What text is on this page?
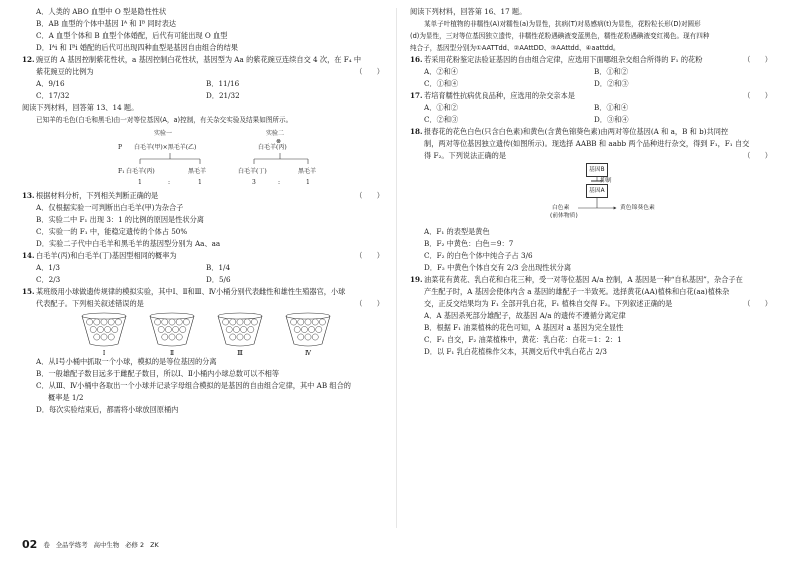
A．人类的 ABO 血型中 O 型是隐性性状
B．AB 血型的个体中基因 Iᴬ 和 Iᴮ 同时表达
C．A 血型个体和 B 血型个体婚配，后代有可能出现 O 血型
D．Iᴬi 和 Iᴮi 婚配的后代可出现四种血型是基因自由组合的结果
12. 豌豆的 A 基因控制紫花性状，a 基因控制白花性状，基因型为 Aa 的紫花豌豆连续自交 4 次，在 F₄ 中
紫花豌豆的比例为	（　　）
A．9/16	B．11/16
C．17/32	D．21/32
阅读下列材料，回答第 13、14 题。
已知羊的毛色(白毛和黑毛)由一对等位基因(A，a)控制，有关杂交实验及结果如图所示。
实验一	实验二
P 白毛羊(甲)×黑毛羊(乙)	白毛羊(丙)
⊗
F₁ 白毛羊(丙)	黑毛羊	白毛羊(丁)	黑毛羊
1	:	1	3	:	1
13. 根据材料分析，下列相关判断正确的是	（　　）
A．仅根据实验一可判断出白毛羊(甲)为杂合子
B．实验二中 F₁ 出现 3：1 的比例的原因是性状分离
C．实验一的 F₁ 中，能稳定遗传的个体占 50%
D．实验二子代中白毛羊和黑毛羊的基因型分别为 Aa、aa
14. 白毛羊(丙)和白毛羊(丁)基因型相同的概率为	（　　）
A．1/3	B．1/4
C．2/3	D．5/6
15. 某班级用小球做遗传规律的模拟实验，其中Ⅰ、Ⅱ和Ⅲ、Ⅳ小桶分别代表雌性和雄性生殖器官，小球
代表配子。下列相关叙述错误的是	（　　）
Ⅰ	Ⅱ	Ⅲ	Ⅳ
A．从Ⅰ号小桶中抓取一个小球，模拟的是等位基因的分离
B．一般雄配子数目远多于雌配子数目，所以Ⅰ、Ⅱ小桶内小球总数可以不相等
C．从Ⅲ、Ⅳ小桶中各取出一个小球并记录字母组合模拟的是基因的自由组合定律，其中 AB 组合的
概率是 1/2
D．每次实验结束后，都需将小球放回原桶内
阅读下列材料，回答第 16、17 题。
某单子叶植物的非糯性(A)对糯性(a)为显性，抗病(T)对易感病(t)为显性，花粉粒长形(D)对圆形
(d)为显性，三对等位基因独立遗传，非糯性花粉遇碘液变蓝黑色，糯性花粉遇碘液变红褐色。现有四种
纯合子，基因型分别为①AATTdd、②AAttDD、③AAttdd、④aattdd。
16. 若采用花粉鉴定法验证基因的自由组合定律，应选用下面哪组杂交组合所得的 F₁ 的花粉	（　　）
A．②和④	B．①和②
C．①和④	D．②和③
17. 若培育糯性抗病优良品种，应选用的杂交亲本是	（　　）
A．①和②	B．①和④
C．②和③	D．③和④
18. 报春花的花色白色(只含白色素)和黄色(含黄色锦葵色素)由两对等位基因(A 和 a，B 和 b)共同控
制，两对等位基因独立遗传(如图所示)。现选择 AABB 和 aabb 两个品种进行杂交，得到 F₁，F₁ 自交
得 F₂。下列说法正确的是	（　　）
基因B
抑制
基因A
白色素
(前体物质)
黄色锦葵色素
A．F₁ 的表型是黄色
B．F₂ 中黄色：白色＝9：7
C．F₂ 的白色个体中纯合子占 3/6
D．F₂ 中黄色个体自交有 2/3 会出现性状分离
19. 油菜花有黄花、乳白花和白花三种，受一对等位基因 A/a 控制，A 基因是一种“自私基因”，杂合子在
产生配子时，A 基因会使体内含 a 基因的雄配子一半致死。选择黄花(AA)植株和白花(aa)植株杂
交，正反交结果均为 F₁ 全部开乳白花，F₁ 植株自交得 F₂。下列叙述正确的是	（　　）
A．A 基因杀死部分雄配子，故基因 A/a 的遗传不遵循分离定律
B．根据 F₁ 油菜植株的花色可知，A 基因对 a 基因为完全显性
C．F₁ 自交，F₂ 油菜植株中，黄花：乳白花：白花＝1：2：1
D．以 F₁ 乳白花植株作父本，其测交后代中乳白花占 2/3
02 卷 全品学练考 高中生物 必修 2 ZK
